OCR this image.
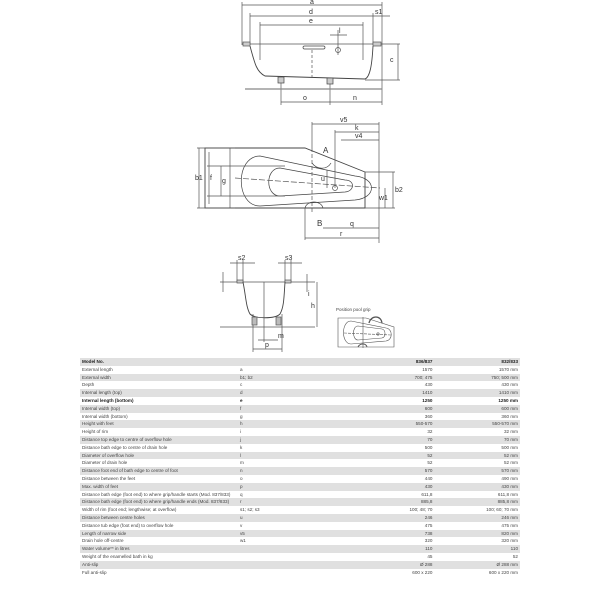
a
d
e
s1
l
c
o	n
v5
k
v4
A
B
b1 f g	u
w1
b2
q
r
s2	s3
i
h
m
p
Position pool grip
Model No.		836/837	832/833
External length	a	1570	1570 mm
External width	b1; b2	700; 475	750; 500 mm
Depth	c	430	430 mm
Internal length (top)	d	1410	1410 mm
Internal length (bottom)	e	1250	1250 mm
Internal width (top)	f	600	600 mm
Internal width (bottom)	g	360	360 mm
Height with feet	h	550-570	550-570 mm
Height of rim	i	32	32 mm
Distance top edge to centre of overflow hole	j	70	70 mm
Distance bath edge to centre of drain hole	k	500	500 mm
Diameter of overflow hole	l	52	52 mm
Diameter of drain hole	m	52	52 mm
Distance foot end of bath edge to centre of foot	n	570	570 mm
Distance between the feet	o	440	490 mm
Max. width of feet	p	430	430 mm
Distance bath edge (foot end) to where grip/handle starts (Mod. 837/833)	q	611,8	611,8 mm
Distance bath edge (foot end) to where grip/handle ends (Mod. 837/833)	r	885,8	885,8 mm
Width of rim (foot end; lengthwise; at overflow)	s1; s2; s3	100; 48; 70	100; 60; 70 mm
Distance between centre holes	u	246	246 mm
Distance tub edge (foot end) to overflow hole	v	475	475 mm
Length of narrow side	v5	738	820 mm
Drain hole off-centre	w1	320	320 mm
Water volume** in litres		110	110
Weight of the enamelled bath in kg		45	52
Anti-slip		Ø 288	Ø 288 mm
Full anti-slip		600 x 220	600 x 220 mm
